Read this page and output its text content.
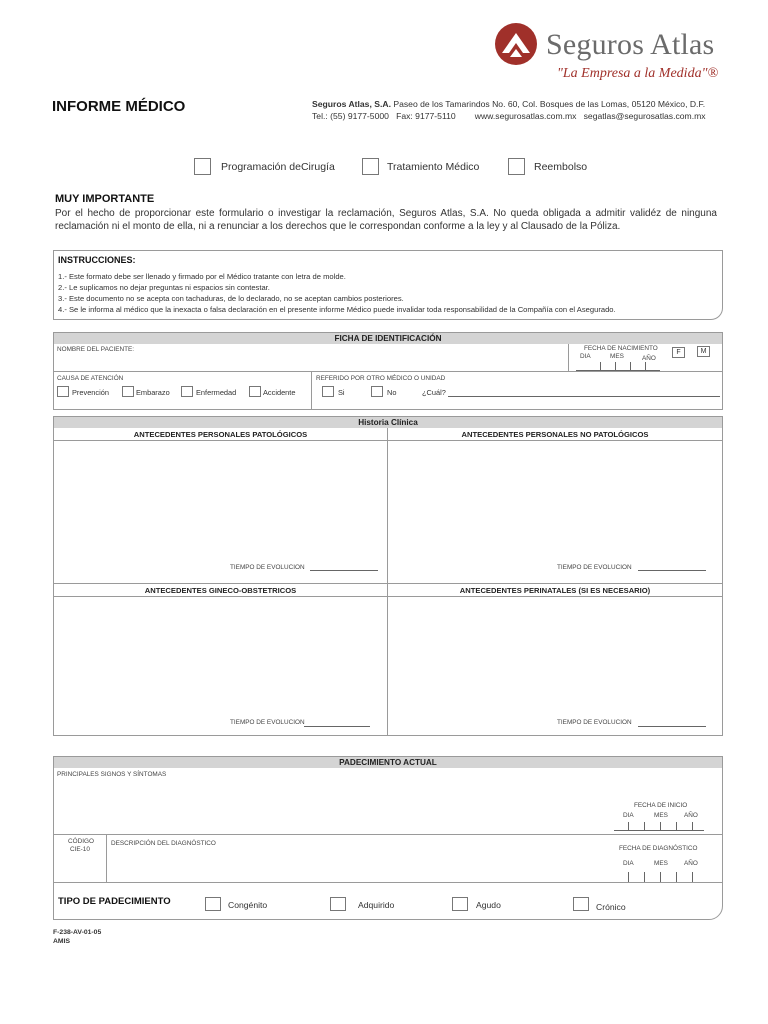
Seguros Atlas
"La Empresa a la Medida"®
INFORME MÉDICO	Seguros Atlas, S.A. Paseo de los Tamarindos No. 60, Col. Bosques de las Lomas, 05120 México, D.F.
Tel.: (55) 9177-5000   Fax: 9177-5110        www.segurosatlas.com.mx   segatlas@segurosatlas.com.mx
Programación deCirugía	Tratamiento Médico	Reembolso
MUY IMPORTANTE
Por el hecho de proporcionar este formulario o investigar la reclamación, Seguros Atlas, S.A. No queda obligada a admitir validéz de ninguna reclamación ni el monto de ella, ni a renunciar a los derechos que le correspondan conforme a la ley y al Clausado de la Póliza.
INSTRUCCIONES:
1.- Este formato debe ser llenado y firmado por el Médico tratante con letra de molde.
2.- Le suplicamos no dejar preguntas ni espacios sin contestar.
3.- Este documento no se acepta con tachaduras, de lo declarado, no se aceptan cambios posteriores.
4.- Se le informa al médico que la inexacta o falsa declaración en el presente informe Médico puede invalidar toda responsabilidad de la Compañía con el Asegurado.
FICHA DE IDENTIFICACIÓN
NOMBRE DEL PACIENTE:	FECHA DE NACIMIENTO
DIA	MES	AÑO
F	M
CAUSA DE ATENCIÓN
Prevención	Embarazo	Enfermedad	Accidente
REFERIDO POR OTRO MÉDICO O UNIDAD
Si	No	¿Cuál?
Historia Clínica
ANTECEDENTES PERSONALES PATOLÓGICOS	ANTECEDENTES PERSONALES NO PATOLÓGICOS
TIEMPO DE EVOLUCION	TIEMPO DE EVOLUCION
ANTECEDENTES GINECO-OBSTETRICOS	ANTECEDENTES PERINATALES (SI ES NECESARIO)
TIEMPO DE EVOLUCION	TIEMPO DE EVOLUCION
PADECIMIENTO ACTUAL
PRINCIPALES SIGNOS Y SÍNTOMAS
FECHA DE INICIO
DIA	MES	AÑO
CÓDIGO
CIE-10
DESCRIPCIÓN DEL DIAGNÓSTICO
FECHA DE DIAGNÓSTICO
DIA	MES	AÑO
TIPO DE PADECIMIENTO	Congénito	Adquirido	Agudo	Crónico
F-238-AV-01-05
AMIS
